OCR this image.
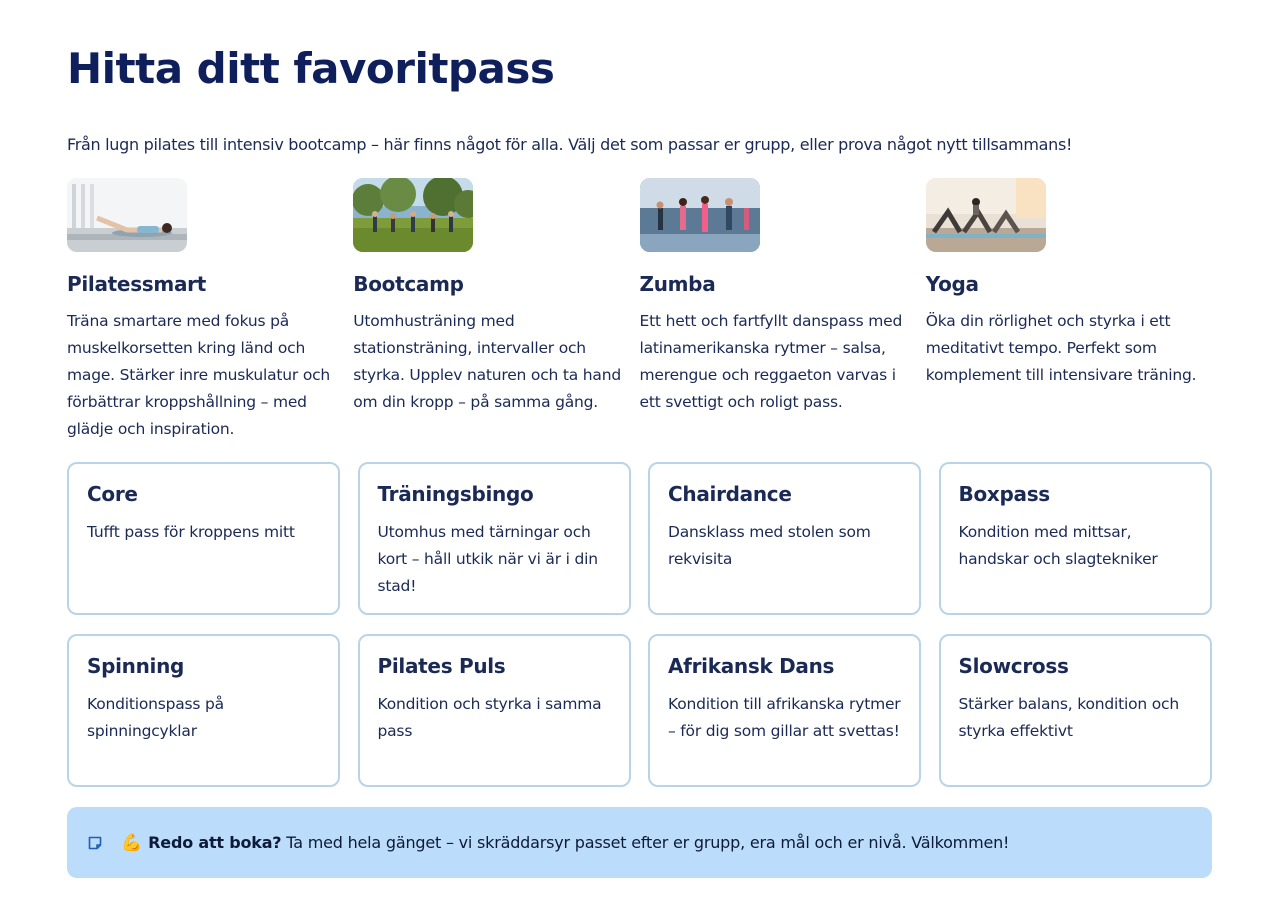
Hitta ditt favoritpass

Från lugn pilates till intensiv bootcamp – här finns något för alla. Välj det som passar er grupp, eller prova något nytt tillsammans!

Pilatessmart

Träna smartare med fokus på muskelkorsetten kring länd och mage. Stärker inre muskulatur och förbättrar kroppshållning – med glädje och inspiration.

Bootcamp

Utomhusträning med stationsträning, intervaller och styrka. Upplev naturen och ta hand om din kropp – på samma gång.

Zumba

Ett hett och fartfyllt danspass med latinamerikanska rytmer – salsa, merengue och reggaeton varvas i ett svettigt och roligt pass.

Yoga

Öka din rörlighet och styrka i ett meditativt tempo. Perfekt som komplement till intensivare träning.

Core

Tufft pass för kroppens mitt

Träningsbingo

Utomhus med tärningar och kort – håll utkik när vi är i din stad!

Chairdance

Dansklass med stolen som rekvisita

Boxpass

Kondition med mittsar, handskar och slagtekniker

Spinning

Konditionspass på spinningcyklar

Pilates Puls

Kondition och styrka i samma pass

Afrikansk Dans

Kondition till afrikanska rytmer – för dig som gillar att svettas!

Slowcross

Stärker balans, kondition och styrka effektivt

💪 Redo att boka? Ta med hela gänget – vi skräddarsyr passet efter er grupp, era mål och er nivå. Välkommen!
